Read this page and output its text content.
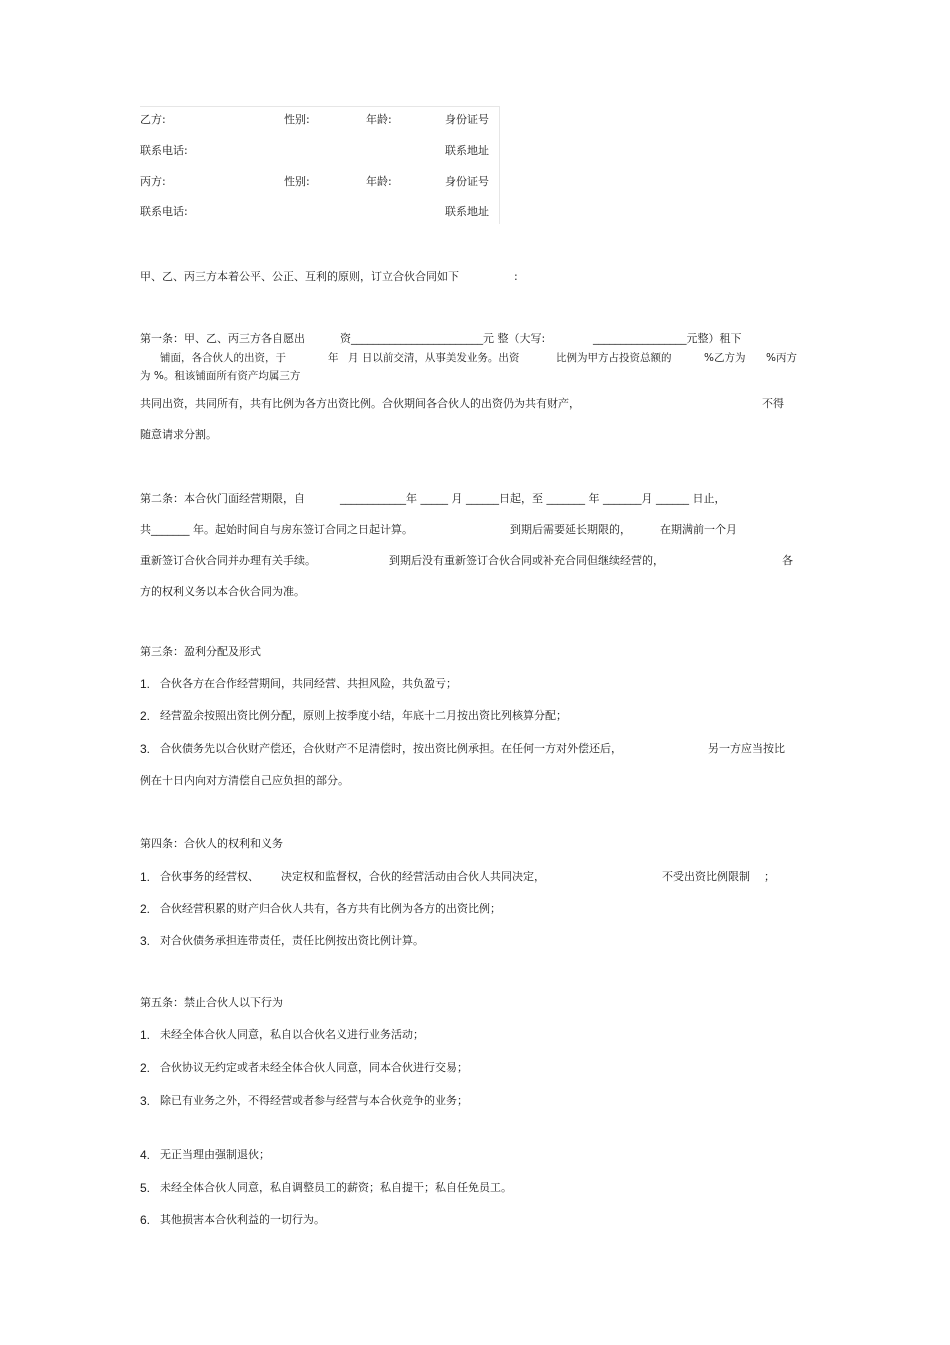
乙方:	性别:	年龄:	身份证号
联系电话:	联系地址
丙方:	性别:	年龄:	身份证号
联系电话:	联系地址
甲、乙、丙三方本着公平、公正、互利的原则，订立合伙合同如下	:
第一条：甲、乙、丙三方各自愿出	资________________________元 整（大写:	_________________元整）租下
铺面，各合伙人的出资，于	年 月 日以前交清，从事美发业务。出资	比例为甲方占投资总额的	%乙方为 %丙方
为 %。租该铺面所有资产均属三方
共同出资，共同所有，共有比例为各方出资比例。合伙期间各合伙人的出资仍为共有财产，	不得
随意请求分割。
第二条：本合伙门面经营期限，自	____________年 _____ 月 ______日起，至 _______ 年 _______月 ______ 日止，
共_______ 年。起始时间自与房东签订合同之日起计算。	到期后需要延长期限的，	在期满前一个月
重新签订合伙合同并办理有关手续。	到期后没有重新签订合伙合同或补充合同但继续经营的，	各
方的权利义务以本合伙合同为准。
第三条：盈利分配及形式
1. 合伙各方在合作经营期间，共同经营、共担风险，共负盈亏；
2. 经营盈余按照出资比例分配，原则上按季度小结，年底十二月按出资比列核算分配；
3. 合伙债务先以合伙财产偿还，合伙财产不足清偿时，按出资比例承担。在任何一方对外偿还后，	另一方应当按比
例在十日内向对方清偿自己应负担的部分。
第四条：合伙人的权利和义务
1. 合伙事务的经营权、 决定权和监督权，合伙的经营活动由合伙人共同决定，	不受出资比例限制 ；
2. 合伙经营积累的财产归合伙人共有，各方共有比例为各方的出资比例；
3. 对合伙债务承担连带责任，责任比例按出资比例计算。
第五条：禁止合伙人以下行为
1. 未经全体合伙人同意，私自以合伙名义进行业务活动；
2. 合伙协议无约定或者未经全体合伙人同意，同本合伙进行交易；
3. 除已有业务之外，不得经营或者参与经营与本合伙竞争的业务；
4. 无正当理由强制退伙；
5. 未经全体合伙人同意，私自调整员工的薪资；私自提干；私自任免员工。
6. 其他损害本合伙利益的一切行为。
